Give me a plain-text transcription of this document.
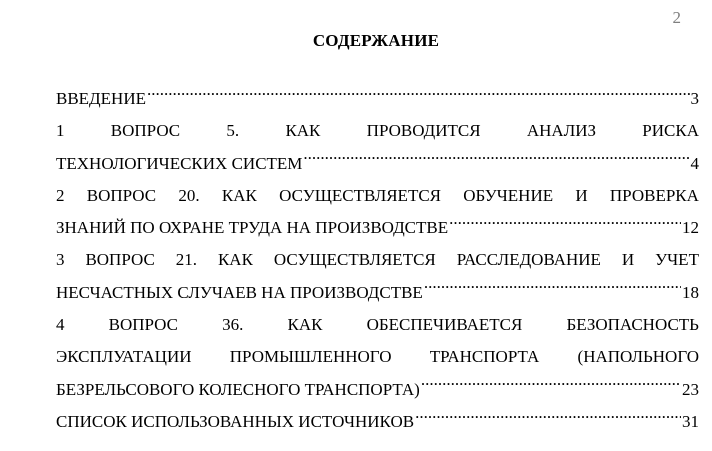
2
СОДЕРЖАНИЕ
ВВЕДЕНИЕ .....	3
1	ВОПРОС	5.	КАК	ПРОВОДИТСЯ	АНАЛИЗ	РИСКА
ТЕХНОЛОГИЧЕСКИХ СИСТЕМ .....	4
2 ВОПРОС 20. КАК ОСУЩЕСТВЛЯЕТСЯ ОБУЧЕНИЕ И ПРОВЕРКА
ЗНАНИЙ ПО ОХРАНЕ ТРУДА НА ПРОИЗВОДСТВЕ .....	12
3 ВОПРОС 21. КАК ОСУЩЕСТВЛЯЕТСЯ РАССЛЕДОВАНИЕ И УЧЕТ
НЕСЧАСТНЫХ СЛУЧАЕВ НА ПРОИЗВОДСТВЕ .....	18
4	ВОПРОС	36.	КАК	ОБЕСПЕЧИВАЕТСЯ	БЕЗОПАСНОСТЬ
ЭКСПЛУАТАЦИИ ПРОМЫШЛЕННОГО ТРАНСПОРТА (НАПОЛЬНОГО
БЕЗРЕЛЬСОВОГО КОЛЕСНОГО ТРАНСПОРТА) .....	23
СПИСОК ИСПОЛЬЗОВАННЫХ ИСТОЧНИКОВ .....	31
